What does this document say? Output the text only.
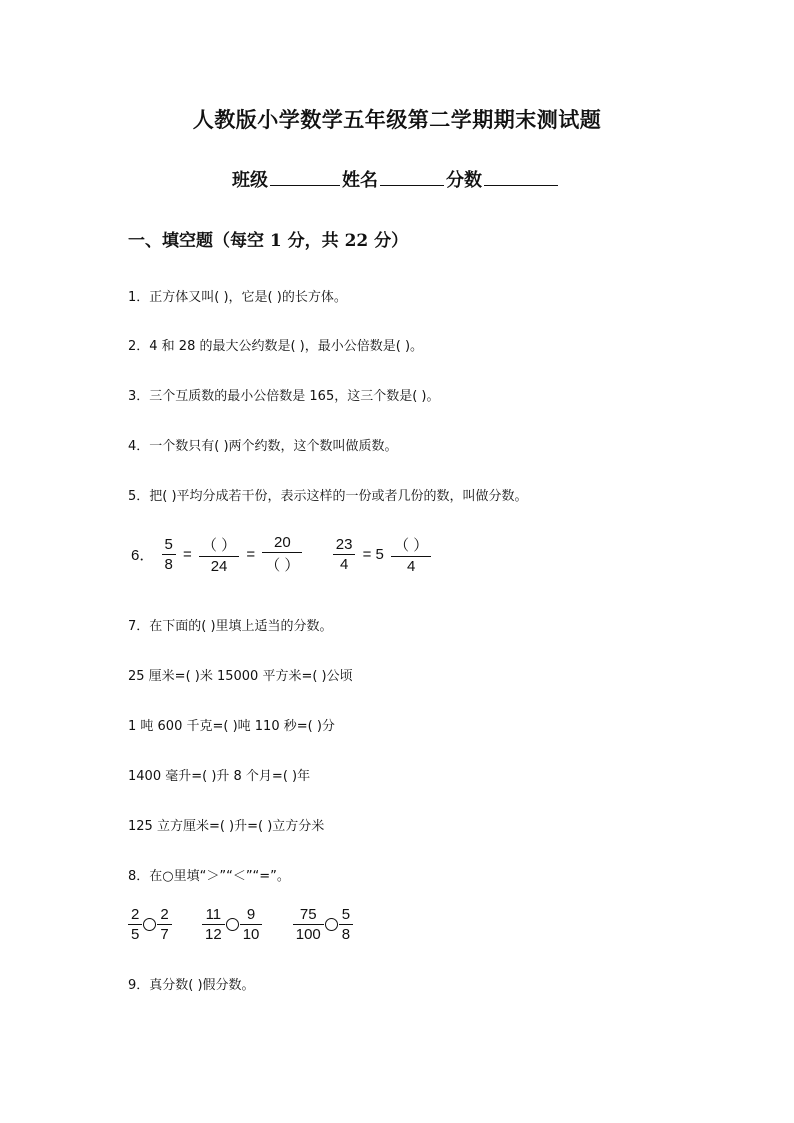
人教版小学数学五年级第二学期期末测试题
班级	姓名	分数
一、填空题（每空 1 分，共 22 分）
1．正方体又叫( )，它是( )的长方体。
2．4 和 28 的最大公约数是( )，最小公倍数是( )。
3．三个互质数的最小公倍数是 165，这三个数是( )。
4．一个数只有( )两个约数，这个数叫做质数。
5．把( )平均分成若干份，表示这样的一份或者几份的数，叫做分数。
6． $\frac{5}{8} = \frac{( )}{24} = \frac{20}{( )}$
$\frac{23}{4} = 5 \frac{( )}{4}$
7．在下面的( )里填上适当的分数。
25 厘米=( )米 15000 平方米=( )公顷
1 吨 600 千克=( )吨 110 秒=( )分
1400 毫升=( )升 8 个月=( )年
125 立方厘米=( )升=( )立方分米
8．在○里填“＞”“＜”“=”。
$\frac{2}{5} \frac{2}{7}$
$\frac{11}{12} \frac{9}{10}$
$\frac{75}{100} \frac{5}{8}$
9．真分数( )假分数。
